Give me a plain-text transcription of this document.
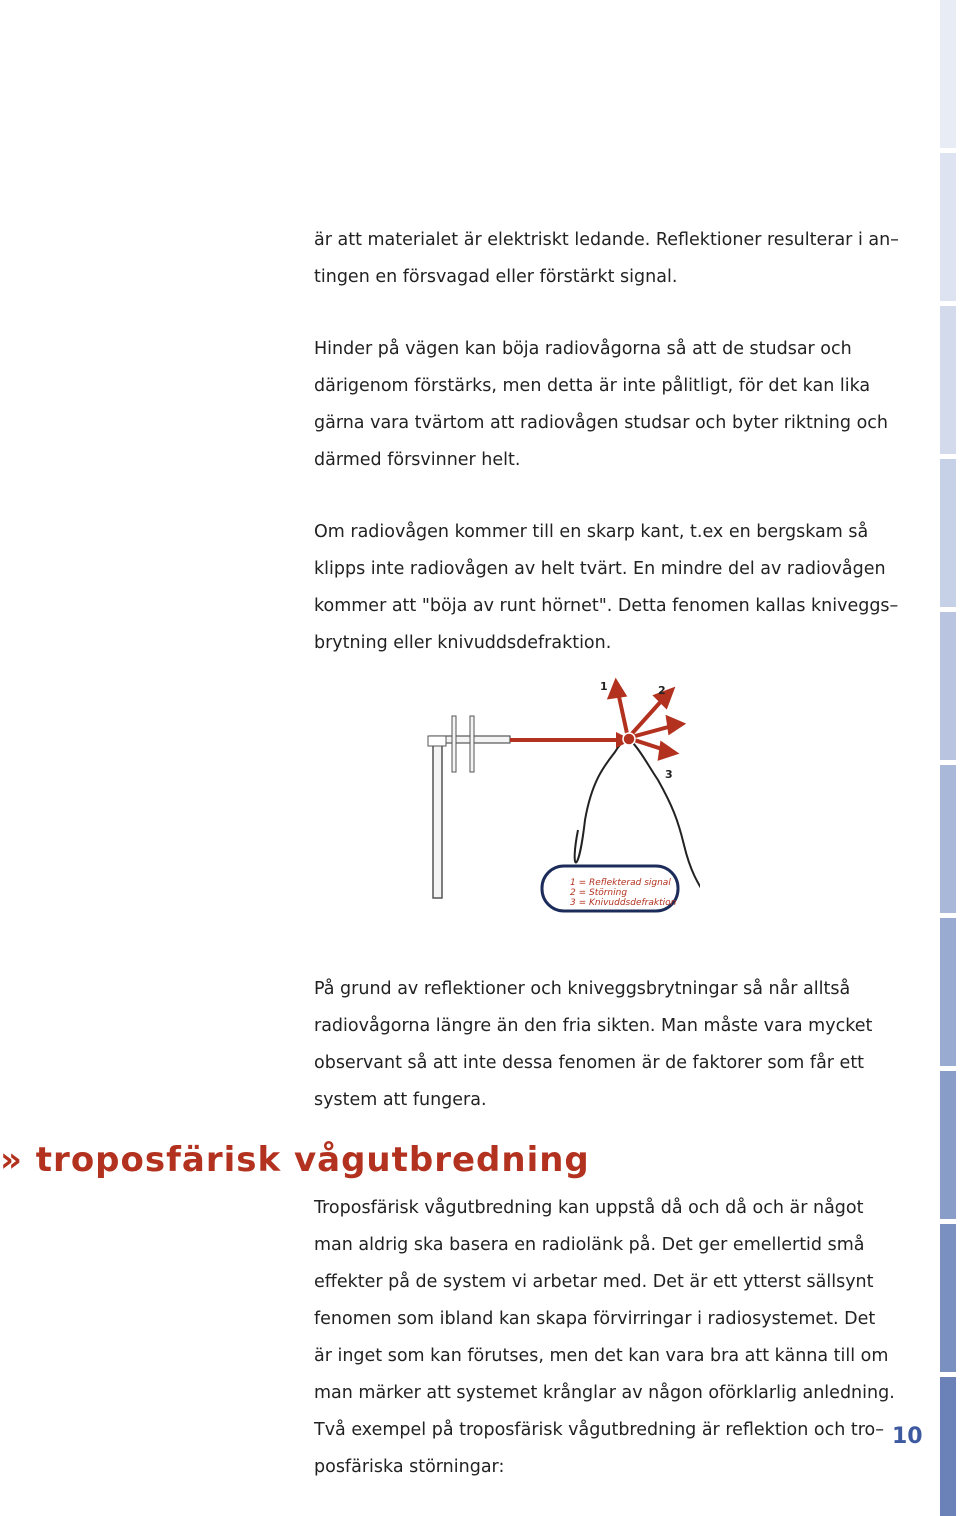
är att materialet är elektriskt ledande. Reflektioner resulterar i an–
tingen en försvagad eller förstärkt signal.

Hinder på vägen kan böja radiovågorna så att de studsar och
därigenom förstärks, men detta är inte pålitligt, för det kan lika
gärna vara tvärtom att radiovågen studsar och byter riktning och
därmed försvinner helt.

Om radiovågen kommer till en skarp kant, t.ex en bergskam så
klipps inte radiovågen av helt tvärt. En mindre del av radiovågen
kommer att "böja av runt hörnet". Detta fenomen kallas kniveggs–
brytning eller knivuddsdefraktion.

1	2
3
1 = Reflekterad signal
2 = Störning
3 = Knivuddsdefraktion

På grund av reflektioner och kniveggsbrytningar så når alltså
radiovågorna längre än den fria sikten. Man måste vara mycket
observant så att inte dessa fenomen är de faktorer som får ett
system att fungera.

» troposfärisk vågutbredning

Troposfärisk vågutbredning kan uppstå då och då och är något
man aldrig ska basera en radiolänk på. Det ger emellertid små
effekter på de system vi arbetar med. Det är ett ytterst sällsynt
fenomen som ibland kan skapa förvirringar i radiosystemet. Det
är inget som kan förutses, men det kan vara bra att känna till om
man märker att systemet krånglar av någon oförklarlig anledning.
Två exempel på troposfärisk vågutbredning är reflektion och tro–
posfäriska störningar:

10
